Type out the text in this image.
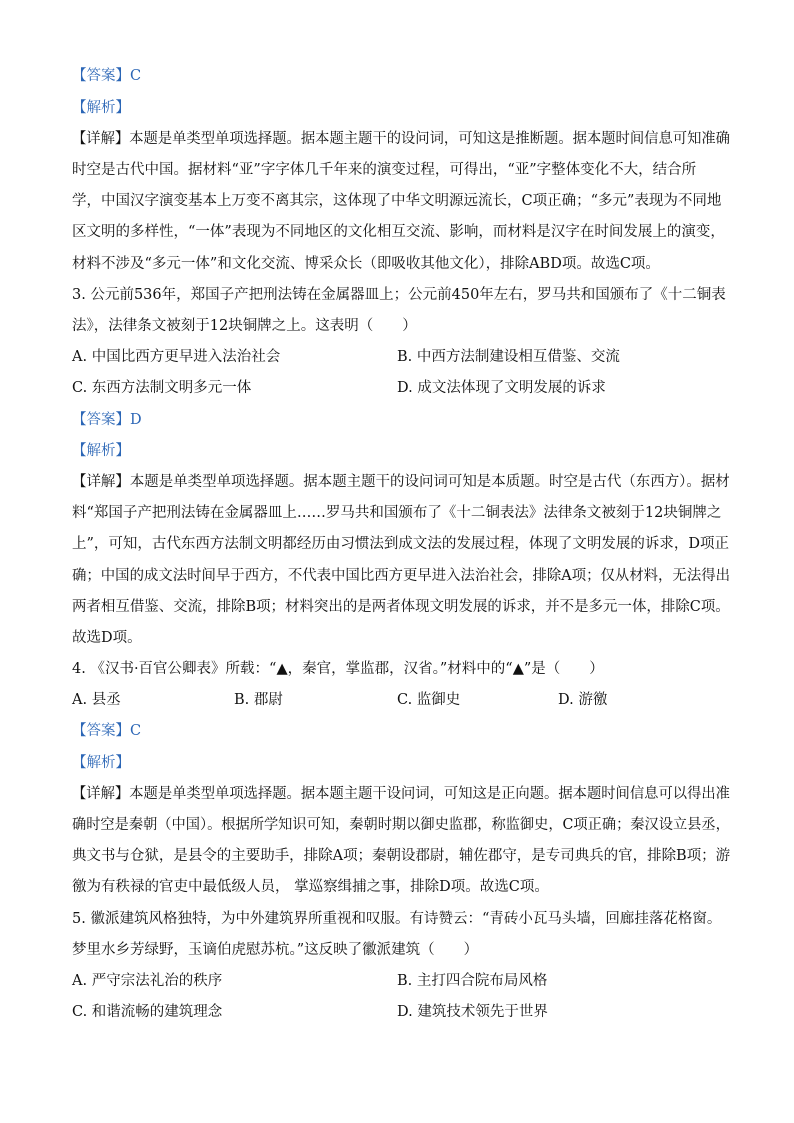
【答案】C
【解析】
【详解】本题是单类型单项选择题。据本题主题干的设问词，可知这是推断题。据本题时间信息可知准确
时空是古代中国。据材料“亚”字字体几千年来的演变过程，可得出，“亚”字整体变化不大，结合所
学，中国汉字演变基本上万变不离其宗，这体现了中华文明源远流长，C项正确；“多元”表现为不同地
区文明的多样性，“一体”表现为不同地区的文化相互交流、影响，而材料是汉字在时间发展上的演变，
材料不涉及“多元一体”和文化交流、博采众长（即吸收其他文化），排除ABD项。故选C项。
3. 公元前536年，郑国子产把刑法铸在金属器皿上；公元前450年左右，罗马共和国颁布了《十二铜表
法》，法律条文被刻于12块铜牌之上。这表明（　　）
A. 中国比西方更早进入法治社会	B. 中西方法制建设相互借鉴、交流
C. 东西方法制文明多元一体	D. 成文法体现了文明发展的诉求
【答案】D
【解析】
【详解】本题是单类型单项选择题。据本题主题干的设问词可知是本质题。时空是古代（东西方）。据材
料“郑国子产把刑法铸在金属器皿上……罗马共和国颁布了《十二铜表法》法律条文被刻于12块铜牌之
上”，可知，古代东西方法制文明都经历由习惯法到成文法的发展过程，体现了文明发展的诉求，D项正
确；中国的成文法时间早于西方，不代表中国比西方更早进入法治社会，排除A项；仅从材料，无法得出
两者相互借鉴、交流，排除B项；材料突出的是两者体现文明发展的诉求，并不是多元一体，排除C项。
故选D项。
4. 《汉书·百官公卿表》所载：“▲，秦官，掌监郡，汉省。”材料中的“▲”是（　　）
A. 县丞	B. 郡尉	C. 监御史	D. 游徼
【答案】C
【解析】
【详解】本题是单类型单项选择题。据本题主题干设问词，可知这是正向题。据本题时间信息可以得出准
确时空是秦朝（中国）。根据所学知识可知，秦朝时期以御史监郡，称监御史，C项正确；秦汉设立县丞，
典文书与仓狱，是县令的主要助手，排除A项；秦朝设郡尉，辅佐郡守，是专司典兵的官，排除B项；游
徼为有秩禄的官吏中最低级人员， 掌巡察缉捕之事，排除D项。故选C项。
5. 徽派建筑风格独特，为中外建筑界所重视和叹服。有诗赞云：“青砖小瓦马头墙，回廊挂落花格窗。
梦里水乡芳绿野，玉谪伯虎慰苏杭。”这反映了徽派建筑（　　）
A. 严守宗法礼治的秩序	B. 主打四合院布局风格
C. 和谐流畅的建筑理念	D. 建筑技术领先于世界
